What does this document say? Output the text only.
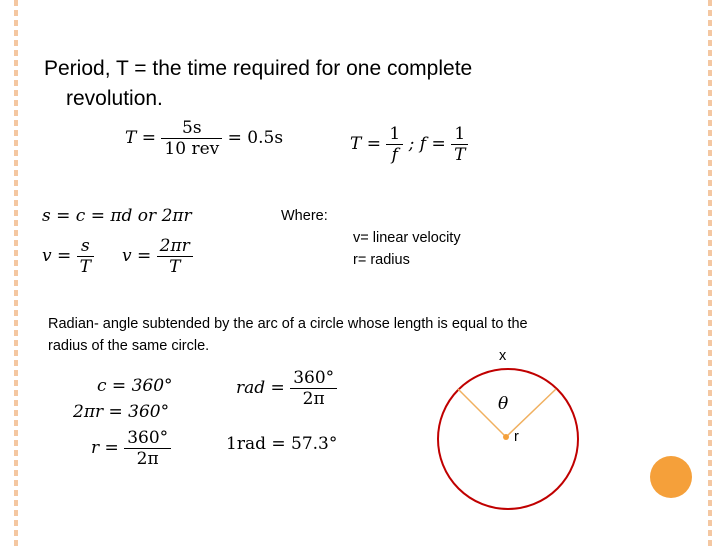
Period, T = the time required for one complete
revolution.
$T = \frac{5s}{\text{10 rev}} = 0.5s$	$T = \frac{1}{f}$ ; $f = \frac{1}{T}$
s = c = πd or 2πr
$v = \frac{s}{T}$ $v = \frac{2\pi r}{T}$
Where:
v= linear velocity
r= radius
Radian- angle subtended by the arc of a circle whose length is equal to the
radius of the same circle.
c = 360°
2πr = 360°
$r = \frac{360^\circ}{2\pi}$
rad = $\frac{360^\circ}{2\pi}$
1rad = 57.3°
x
θ
r
